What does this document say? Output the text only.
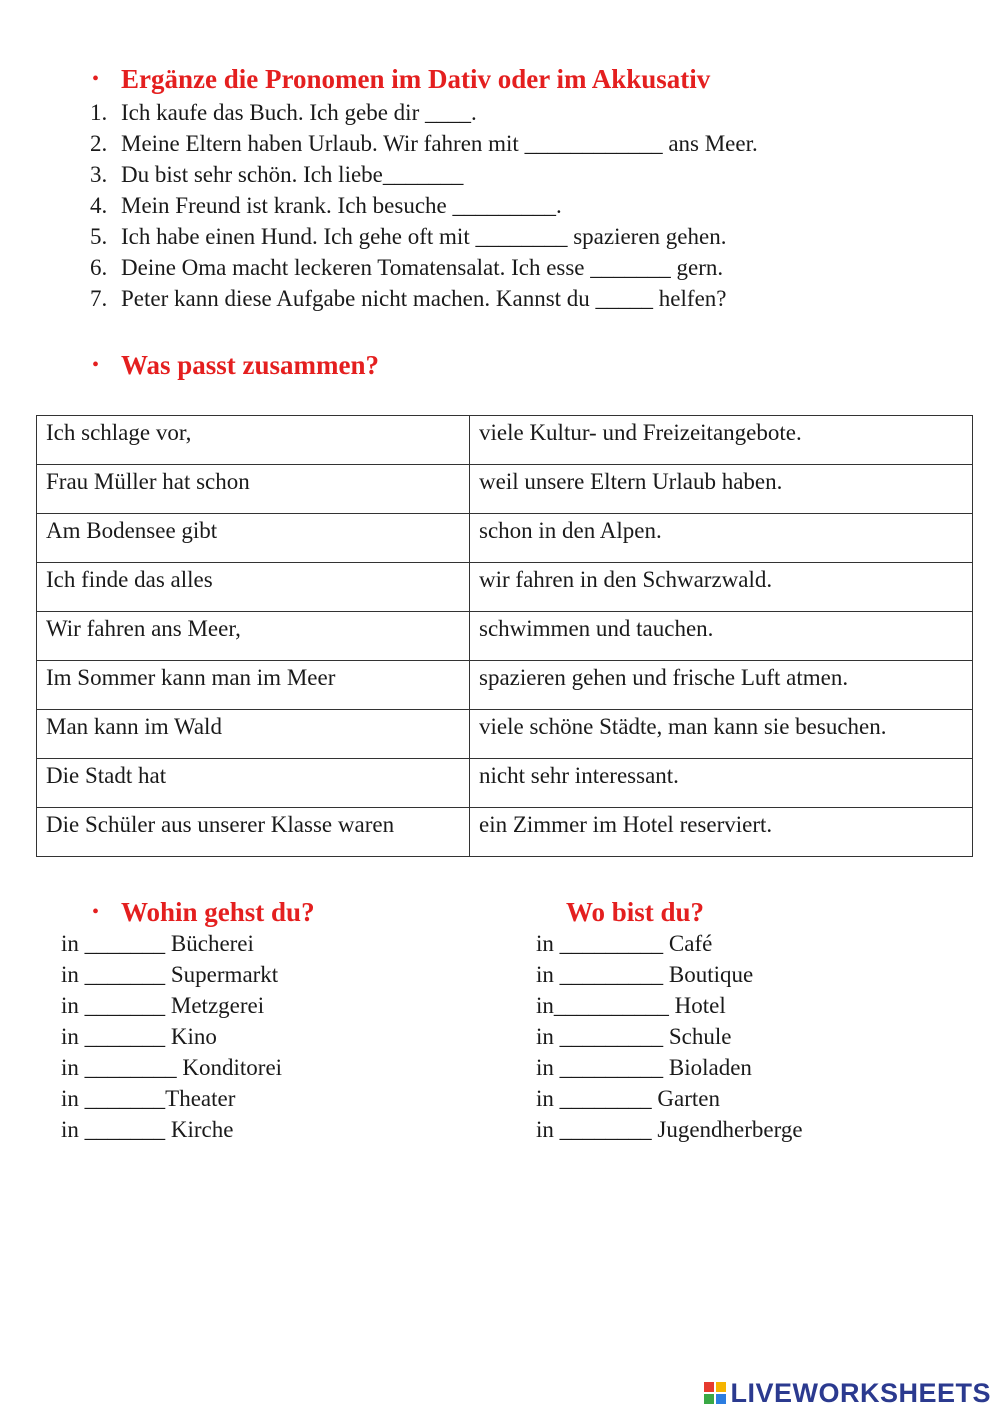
• Ergänze die Pronomen im Dativ oder im Akkusativ
1. Ich kaufe das Buch. Ich gebe dir ____.
2. Meine Eltern haben Urlaub. Wir fahren mit ____________ ans Meer.
3. Du bist sehr schön. Ich liebe_______
4. Mein Freund ist krank. Ich besuche _________.
5. Ich habe einen Hund. Ich gehe oft mit ________ spazieren gehen.
6. Deine Oma macht leckeren Tomatensalat. Ich esse _______ gern.
7. Peter kann diese Aufgabe nicht machen. Kannst du _____ helfen?
• Was passt zusammen?
Ich schlage vor,	viele Kultur- und Freizeitangebote.
Frau Müller hat schon	weil unsere Eltern Urlaub haben.
Am Bodensee gibt	schon in den Alpen.
Ich finde das alles	wir fahren in den Schwarzwald.
Wir fahren ans Meer,	schwimmen und tauchen.
Im Sommer kann man im Meer	spazieren gehen und frische Luft atmen.
Man kann im Wald	viele schöne Städte, man kann sie besuchen.
Die Stadt hat	nicht sehr interessant.
Die Schüler aus unserer Klasse waren	ein Zimmer im Hotel reserviert.
• Wohin gehst du?	Wo bist du?
in _______ Bücherei
in _______ Supermarkt
in _______ Metzgerei
in _______ Kino
in ________ Konditorei
in _______Theater
in _______ Kirche
in _________ Café
in _________ Boutique
in__________ Hotel
in _________ Schule
in _________ Bioladen
in ________ Garten
in ________ Jugendherberge
LIVEWORKSHEETS
